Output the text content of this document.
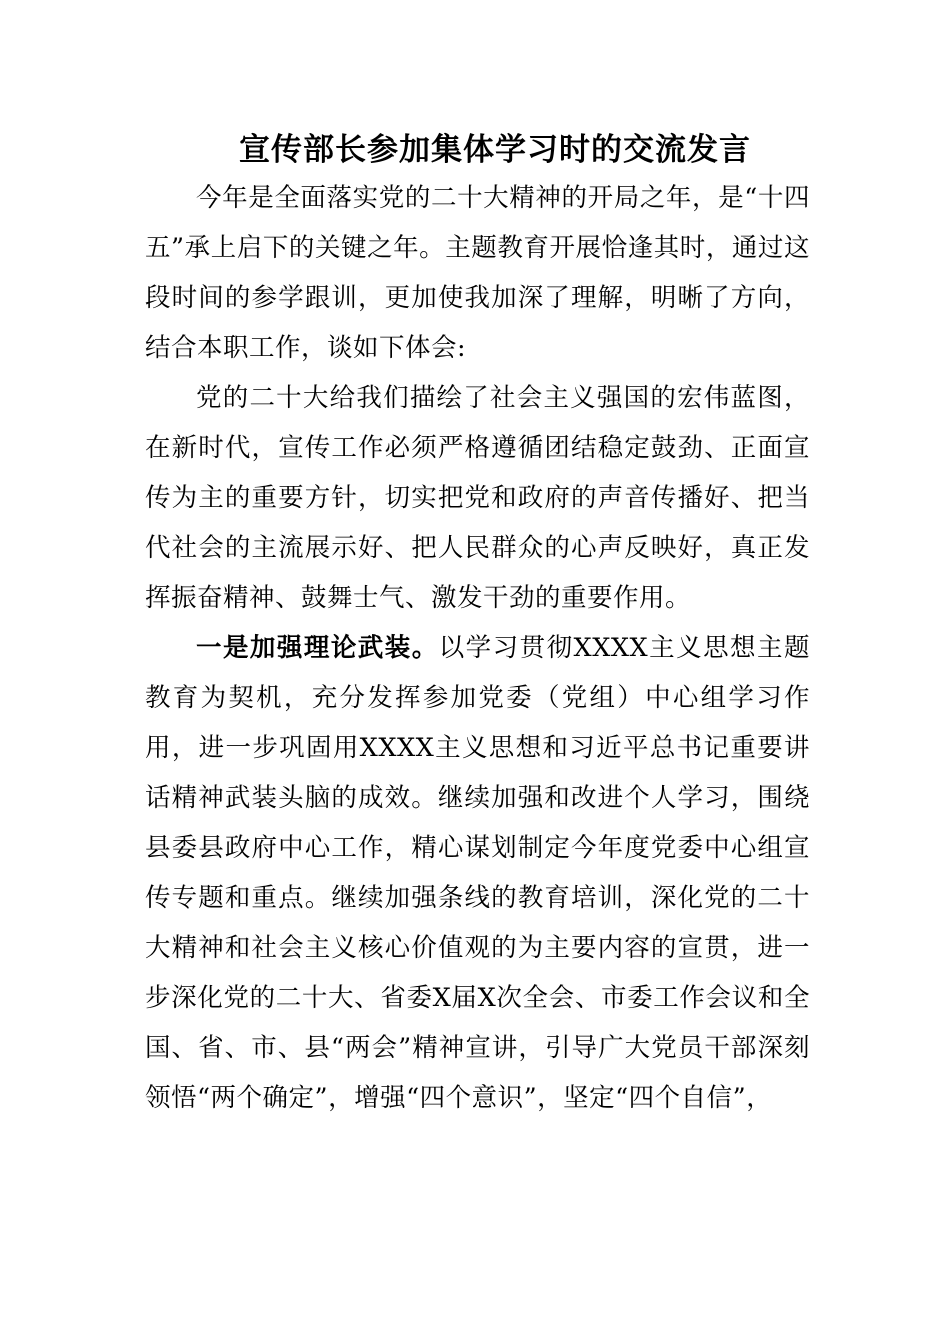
宣传部长参加集体学习时的交流发言

今年是全面落实党的二十大精神的开局之年，是“十四五”承上启下的关键之年。主题教育开展恰逢其时，通过这段时间的参学跟训，更加使我加深了理解，明晰了方向，结合本职工作，谈如下体会:

党的二十大给我们描绘了社会主义强国的宏伟蓝图，在新时代，宣传工作必须严格遵循团结稳定鼓劲、正面宣传为主的重要方针，切实把党和政府的声音传播好、把当代社会的主流展示好、把人民群众的心声反映好，真正发挥振奋精神、鼓舞士气、激发干劲的重要作用。

一是加强理论武装。以学习贯彻XXXX主义思想主题教育为契机，充分发挥参加党委（党组）中心组学习作用，进一步巩固用XXXX主义思想和习近平总书记重要讲话精神武装头脑的成效。继续加强和改进个人学习，围绕县委县政府中心工作，精心谋划制定今年度党委中心组宣传专题和重点。继续加强条线的教育培训，深化党的二十大精神和社会主义核心价值观的为主要内容的宣贯，进一步深化党的二十大、省委X届X次全会、市委工作会议和全国、省、市、县“两会”精神宣讲，引导广大党员干部深刻领悟“两个确定”，增强“四个意识”，坚定“四个自信”，
